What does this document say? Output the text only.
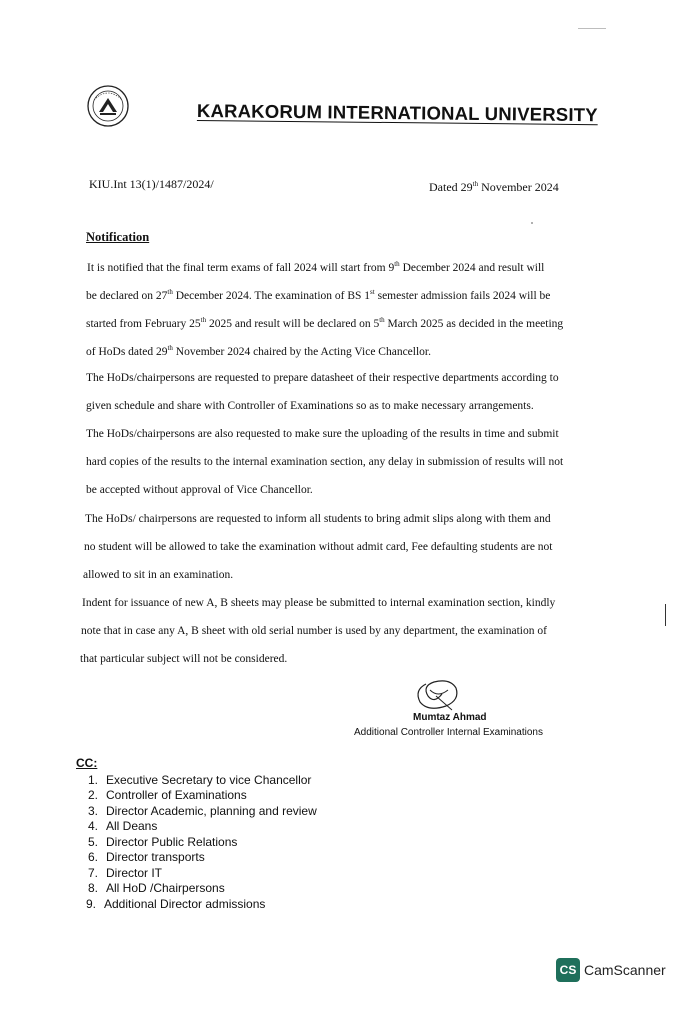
KARAKORUM INTERNATIONAL UNIVERSITY
KIU.Int 13(1)/1487/2024/	Dated 29th November 2024
Notification
It is notified that the final term exams of fall 2024 will start from 9th December 2024 and result will
be declared on 27th December 2024. The examination of BS 1st semester admission fails 2024 will be
started from February 25th 2025 and result will be declared on 5th March 2025 as decided in the meeting
of HoDs dated 29th November 2024 chaired by the Acting Vice Chancellor.
The HoDs/chairpersons are requested to prepare datasheet of their respective departments according to
given schedule and share with Controller of Examinations so as to make necessary arrangements.
The HoDs/chairpersons are also requested to make sure the uploading of the results in time and submit
hard copies of the results to the internal examination section, any delay in submission of results will not
be accepted without approval of Vice Chancellor.
The HoDs/ chairpersons are requested to inform all students to bring admit slips along with them and
no student will be allowed to take the examination without admit card, Fee defaulting students are not
allowed to sit in an examination.
Indent for issuance of new A, B sheets may please be submitted to internal examination section, kindly
note that in case any A, B sheet with old serial number is used by any department, the examination of
that particular subject will not be considered.
Mumtaz Ahmad
Additional Controller Internal Examinations
CC:
1. Executive Secretary to vice Chancellor
2. Controller of Examinations
3. Director Academic, planning and review
4. All Deans
5. Director Public Relations
6. Director transports
7. Director IT
8. All HoD /Chairpersons
9. Additional Director admissions
CS CamScanner
